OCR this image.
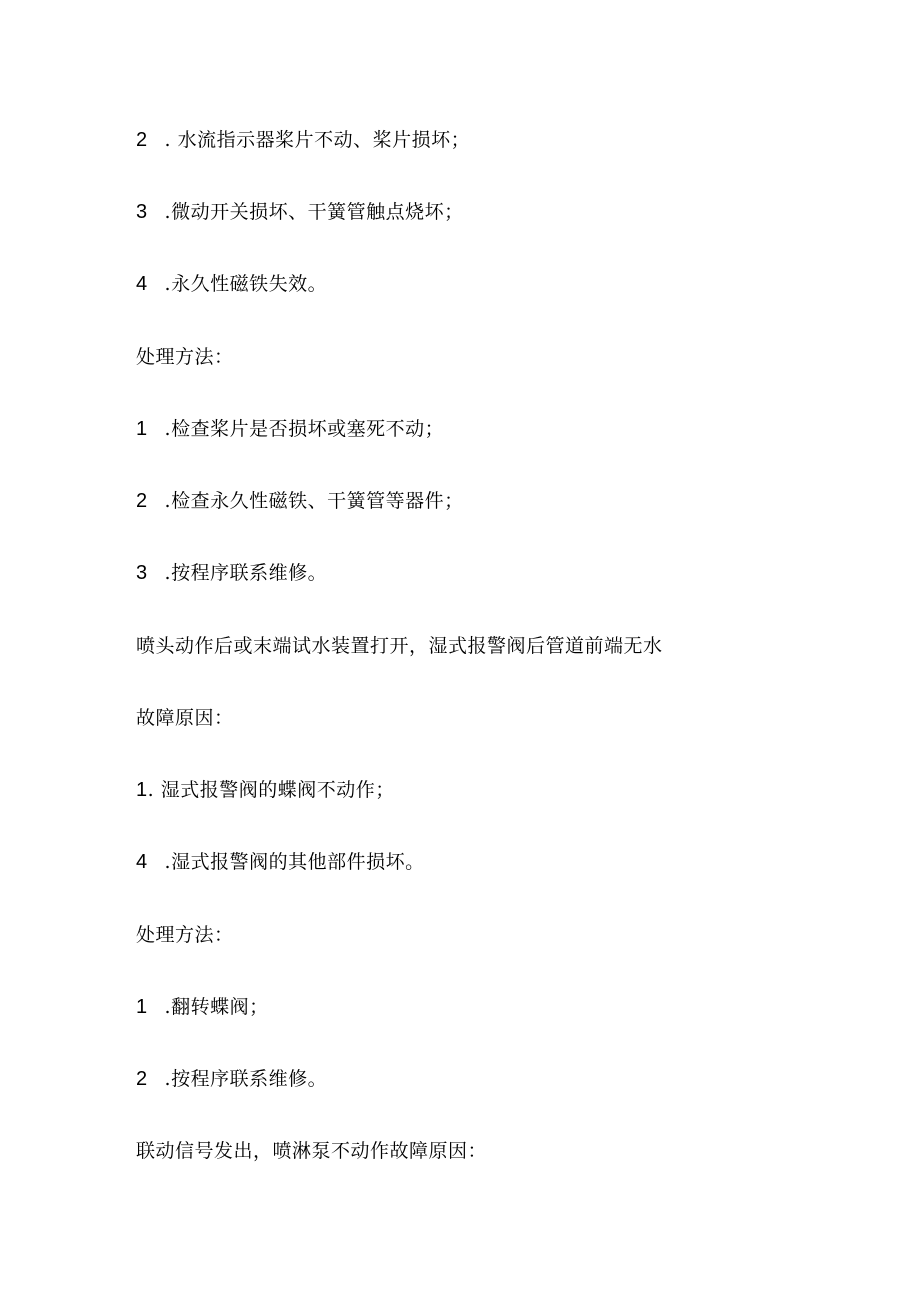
2 . 水流指示器桨片不动、桨片损坏；

3 .微动开关损坏、干簧管触点烧坏；

4 .永久性磁铁失效。

处理方法：

1 .检查桨片是否损坏或塞死不动；

2 .检查永久性磁铁、干簧管等器件；

3 .按程序联系维修。

喷头动作后或末端试水装置打开，湿式报警阀后管道前端无水

故障原因：

1. 湿式报警阀的蝶阀不动作；

4 .湿式报警阀的其他部件损坏。

处理方法：

1 .翻转蝶阀；

2 .按程序联系维修。

联动信号发出，喷淋泵不动作故障原因：
